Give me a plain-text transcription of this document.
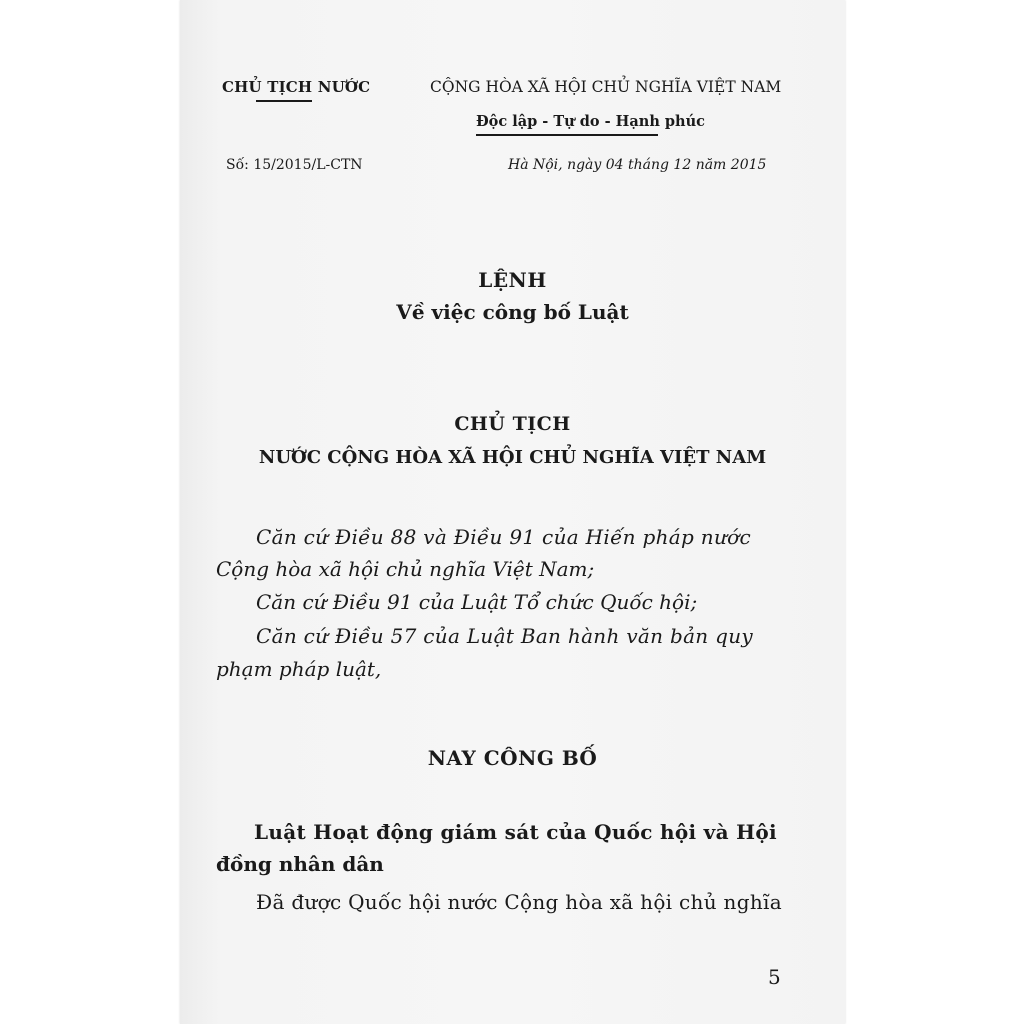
CHỦ TỊCH NƯỚC	CỘNG HÒA XÃ HỘI CHỦ NGHĨA VIỆT NAM
Độc lập - Tự do - Hạnh phúc
Số: 15/2015/L-CTN	Hà Nội, ngày 04 tháng 12 năm 2015
LỆNH
Về việc công bố Luật
CHỦ TỊCH
NƯỚC CỘNG HÒA XÃ HỘI CHỦ NGHĨA VIỆT NAM
Căn cứ Điều 88 và Điều 91 của Hiến pháp nước
Cộng hòa xã hội chủ nghĩa Việt Nam;
Căn cứ Điều 91 của Luật Tổ chức Quốc hội;
Căn cứ Điều 57 của Luật Ban hành văn bản quy
phạm pháp luật,
NAY CÔNG BỐ
Luật Hoạt động giám sát của Quốc hội và Hội
đồng nhân dân
Đã được Quốc hội nước Cộng hòa xã hội chủ nghĩa
5
